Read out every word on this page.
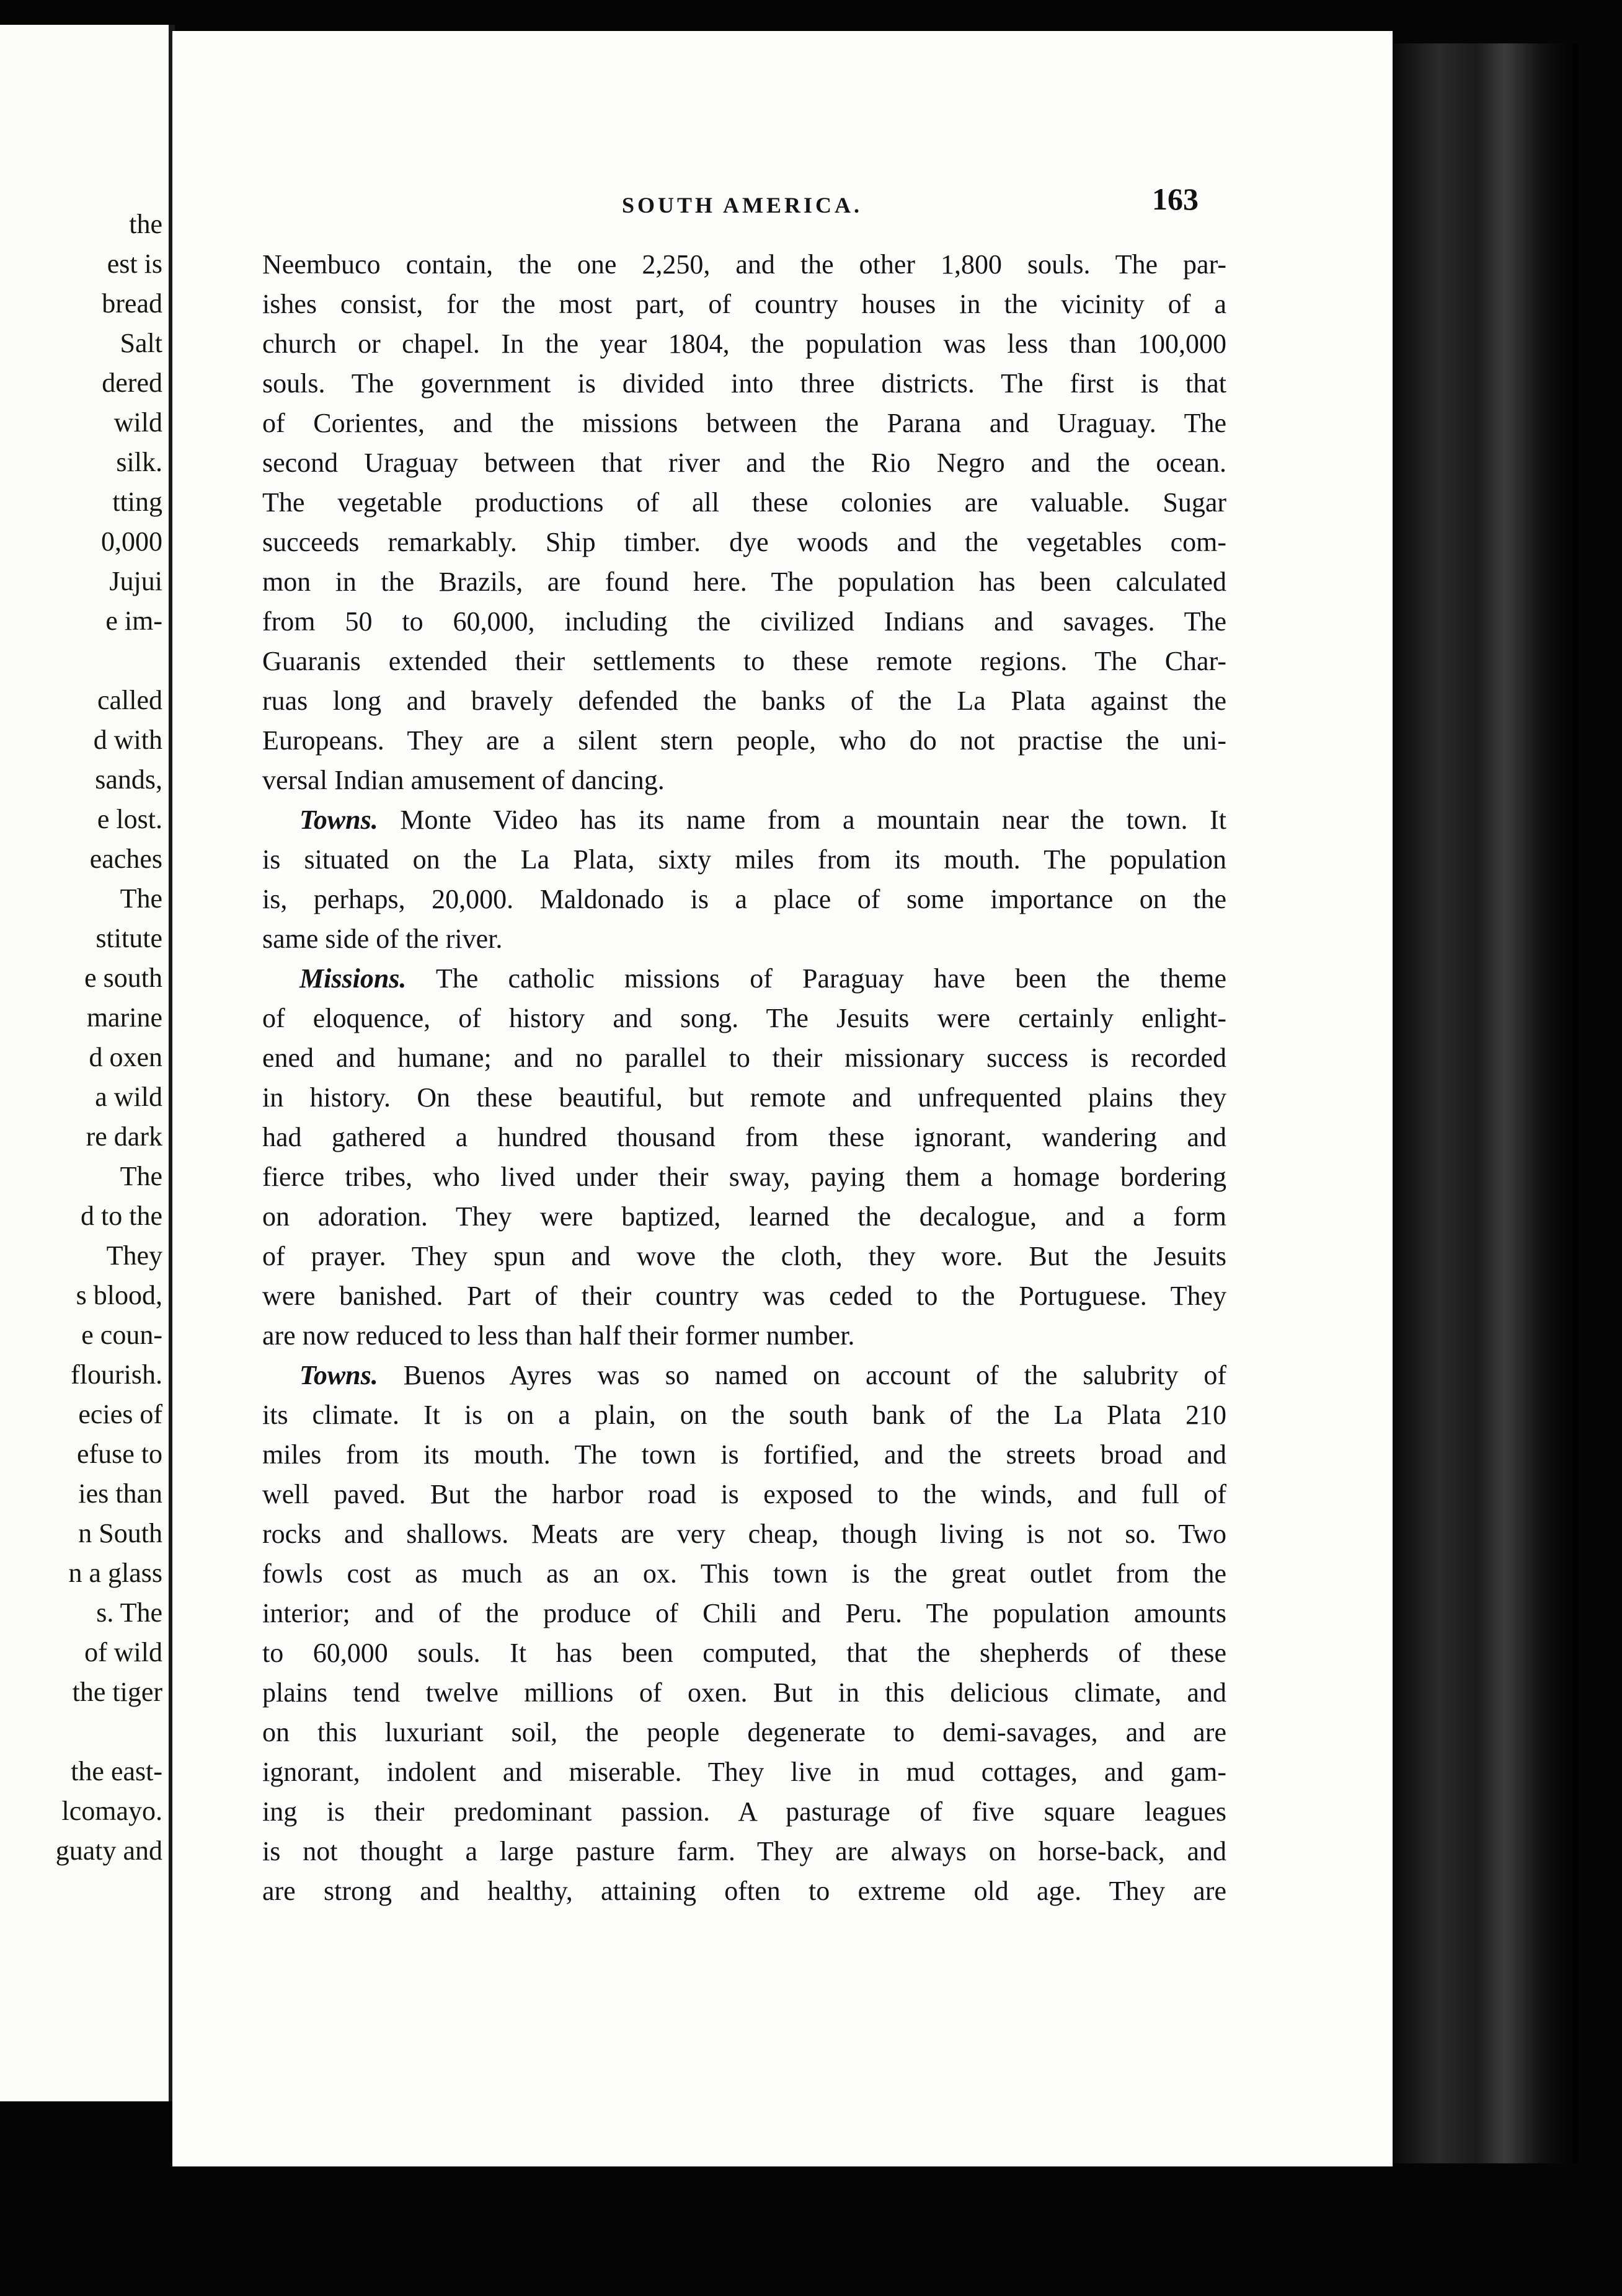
the
est is
bread
Salt
dered
wild
silk.
tting
0,000
Jujui
e im-
called
d with
sands,
e lost.
eaches
The
stitute
e south
marine
d oxen
a wild
re dark
The
d to the
They
s blood,
e coun-
flourish.
ecies of
efuse to
ies than
n South
n a glass
s. The
of wild
the tiger
the east-
lcomayo.
guaty and
SOUTH AMERICA.	163
Neembuco contain, the one 2,250, and the other 1,800 souls. The par-
ishes consist, for the most part, of country houses in the vicinity of a
church or chapel. In the year 1804, the population was less than 100,000
souls. The government is divided into three districts. The first is that
of Corientes, and the missions between the Parana and Uraguay. The
second Uraguay between that river and the Rio Negro and the ocean.
The vegetable productions of all these colonies are valuable. Sugar
succeeds remarkably. Ship timber. dye woods and the vegetables com-
mon in the Brazils, are found here. The population has been calculated
from 50 to 60,000, including the civilized Indians and savages. The
Guaranis extended their settlements to these remote regions. The Char-
ruas long and bravely defended the banks of the La Plata against the
Europeans. They are a silent stern people, who do not practise the uni-
versal Indian amusement of dancing.
Towns. Monte Video has its name from a mountain near the town. It
is situated on the La Plata, sixty miles from its mouth. The population
is, perhaps, 20,000. Maldonado is a place of some importance on the
same side of the river.
Missions. The catholic missions of Paraguay have been the theme
of eloquence, of history and song. The Jesuits were certainly enlight-
ened and humane; and no parallel to their missionary success is recorded
in history. On these beautiful, but remote and unfrequented plains they
had gathered a hundred thousand from these ignorant, wandering and
fierce tribes, who lived under their sway, paying them a homage bordering
on adoration. They were baptized, learned the decalogue, and a form
of prayer. They spun and wove the cloth, they wore. But the Jesuits
were banished. Part of their country was ceded to the Portuguese. They
are now reduced to less than half their former number.
Towns. Buenos Ayres was so named on account of the salubrity of
its climate. It is on a plain, on the south bank of the La Plata 210
miles from its mouth. The town is fortified, and the streets broad and
well paved. But the harbor road is exposed to the winds, and full of
rocks and shallows. Meats are very cheap, though living is not so. Two
fowls cost as much as an ox. This town is the great outlet from the
interior; and of the produce of Chili and Peru. The population amounts
to 60,000 souls. It has been computed, that the shepherds of these
plains tend twelve millions of oxen. But in this delicious climate, and
on this luxuriant soil, the people degenerate to demi-savages, and are
ignorant, indolent and miserable. They live in mud cottages, and gam-
ing is their predominant passion. A pasturage of five square leagues
is not thought a large pasture farm. They are always on horse-back, and
are strong and healthy, attaining often to extreme old age. They are
